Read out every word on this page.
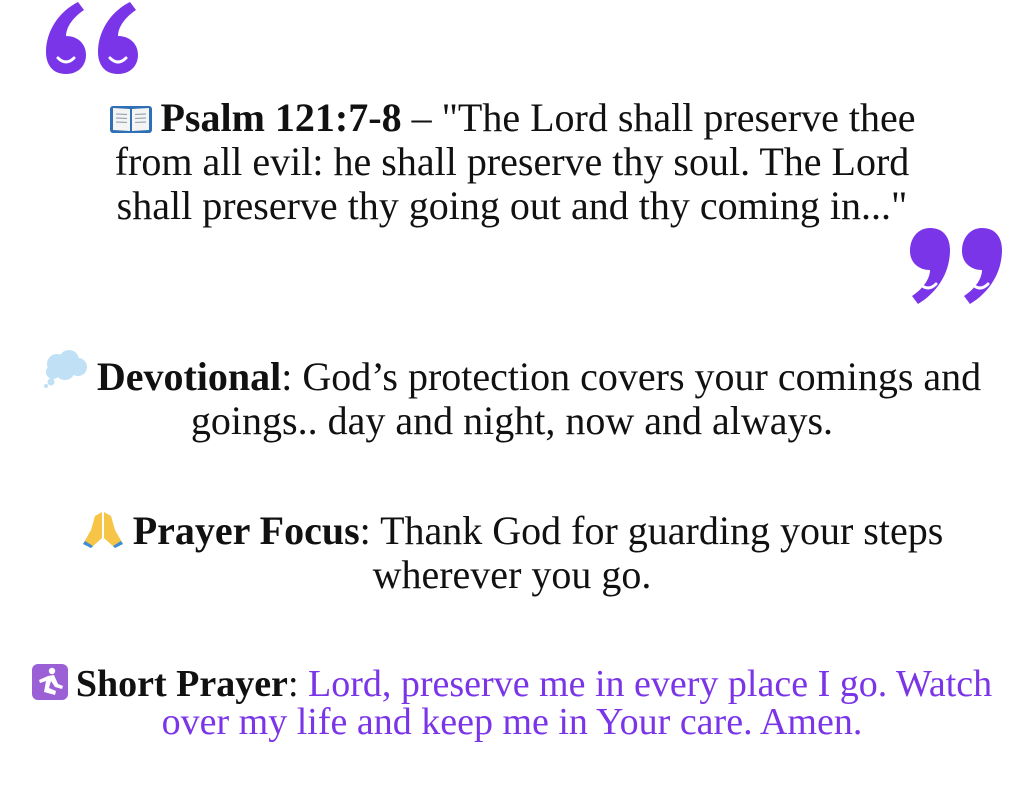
Psalm 121:7-8 – "The Lord shall preserve thee from all evil: he shall preserve thy soul. The Lord shall preserve thy going out and thy coming in..."
Devotional: God’s protection covers your comings and goings.. day and night, now and always.
Prayer Focus: Thank God for guarding your steps wherever you go.
Short Prayer: Lord, preserve me in every place I go. Watch over my life and keep me in Your care. Amen.
